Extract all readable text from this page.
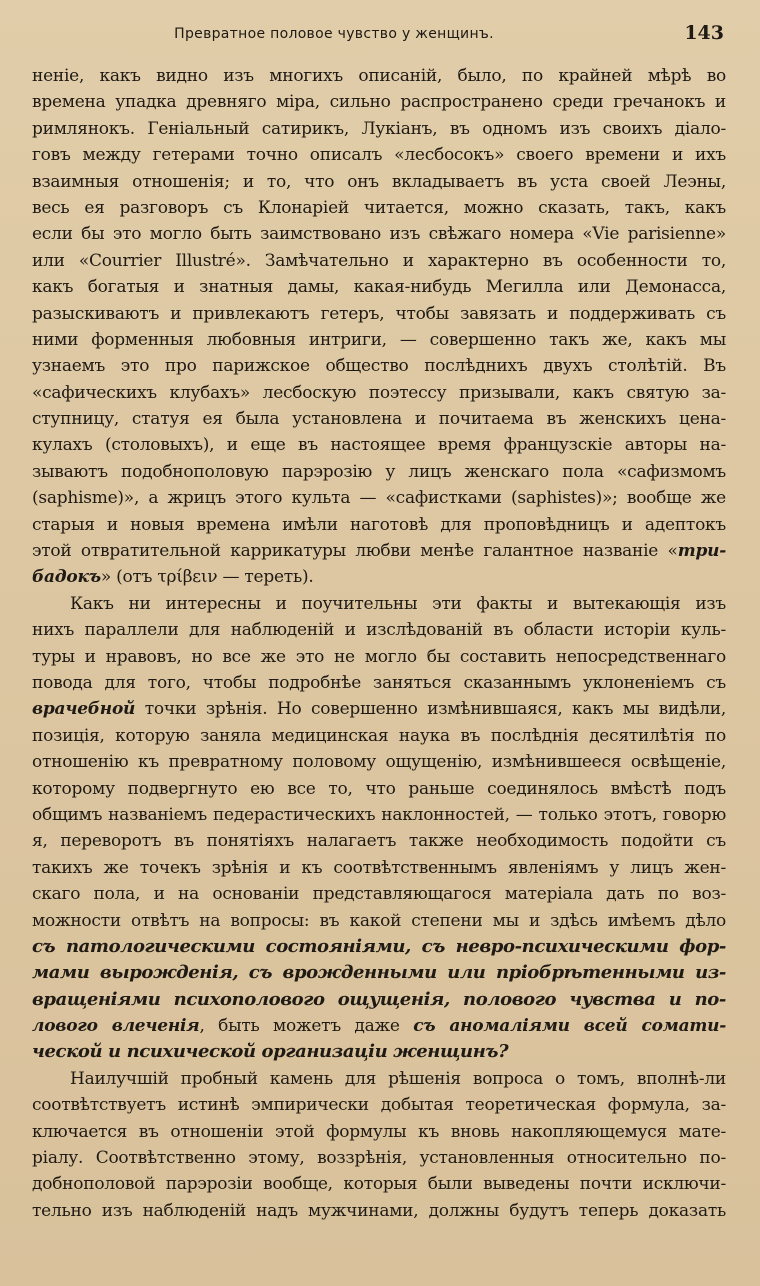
Превратное половое чувство у женщинъ.	143
неніе, какъ видно изъ многихъ описаній, было, по крайней мѣрѣ во
времена упадка древняго міра, сильно распространено среди гречанокъ и
римлянокъ. Геніальный сатирикъ, Лукіанъ, въ одномъ изъ своихъ діало-
говъ между гетерами точно описалъ «лесбосокъ» своего времени и ихъ
взаимныя отношенія; и то, что онъ вкладываетъ въ уста своей Леэны,
весь ея разговоръ съ Клонаріей читается, можно сказать, такъ, какъ
если бы это могло быть заимствовано изъ свѣжаго номера «Vie parisienne»
или «Courrier Illustré». Замѣчательно и характерно въ особенности то,
какъ богатыя и знатныя дамы, какая-нибудь Мегилла или Демонасса,
разыскиваютъ и привлекаютъ гетеръ, чтобы завязать и поддерживать съ
ними форменныя любовныя интриги, — совершенно такъ же, какъ мы
узнаемъ это про парижское общество послѣднихъ двухъ столѣтій. Въ
«сафическихъ клубахъ» лесбоскую поэтессу призывали, какъ святую за-
ступницу, статуя ея была установлена и почитаема въ женскихъ цена-
кулахъ (столовыхъ), и еще въ настоящее время французскіе авторы на-
зываютъ подобнополовую парэрозію у лицъ женскаго пола «сафизмомъ
(saphisme)», а жрицъ этого культа — «сафистками (saphistes)»; вообще же
старыя и новыя времена имѣли наготовѣ для проповѣдницъ и адептокъ
этой отвратительной каррикатуры любви менѣе галантное названіе «три-
бадокъ» (отъ τρίβειν — тереть).
Какъ ни интересны и поучительны эти факты и вытекающія изъ
нихъ параллели для наблюденій и изслѣдованій въ области исторіи куль-
туры и нравовъ, но все же это не могло бы составить непосредственнаго
повода для того, чтобы подробнѣе заняться сказаннымъ уклоненіемъ съ
врачебной точки зрѣнія. Но совершенно измѣнившаяся, какъ мы видѣли,
позиція, которую заняла медицинская наука въ послѣднія десятилѣтія по
отношенію къ превратному половому ощущенію, измѣнившееся освѣщеніе,
которому подвергнуто ею все то, что раньше соединялось вмѣстѣ подъ
общимъ названіемъ педерастическихъ наклонностей, — только этотъ, говорю
я, переворотъ въ понятіяхъ налагаетъ также необходимость подойти съ
такихъ же точекъ зрѣнія и къ соотвѣтственнымъ явленіямъ у лицъ жен-
скаго пола, и на основаніи представляющагося матеріала дать по воз-
можности отвѣтъ на вопросы: въ какой степени мы и здѣсь имѣемъ дѣло
съ патологическими состояніями, съ невро-психическими фор-
мами вырожденія, съ врожденными или пріобрѣтенными из-
вращеніями психополового ощущенія, полового чувства и по-
лового влеченія, быть можетъ даже съ аномаліями всей сомати-
ческой и психической организаціи женщинъ?
Наилучшій пробный камень для рѣшенія вопроса о томъ, вполнѣ-ли
соотвѣтствуетъ истинѣ эмпирически добытая теоретическая формула, за-
ключается въ отношеніи этой формулы къ вновь накопляющемуся мате-
ріалу. Соотвѣтственно этому, воззрѣнія, установленныя относительно по-
добнополовой парэрозіи вообще, которыя были выведены почти исключи-
тельно изъ наблюденій надъ мужчинами, должны будутъ теперь доказать
